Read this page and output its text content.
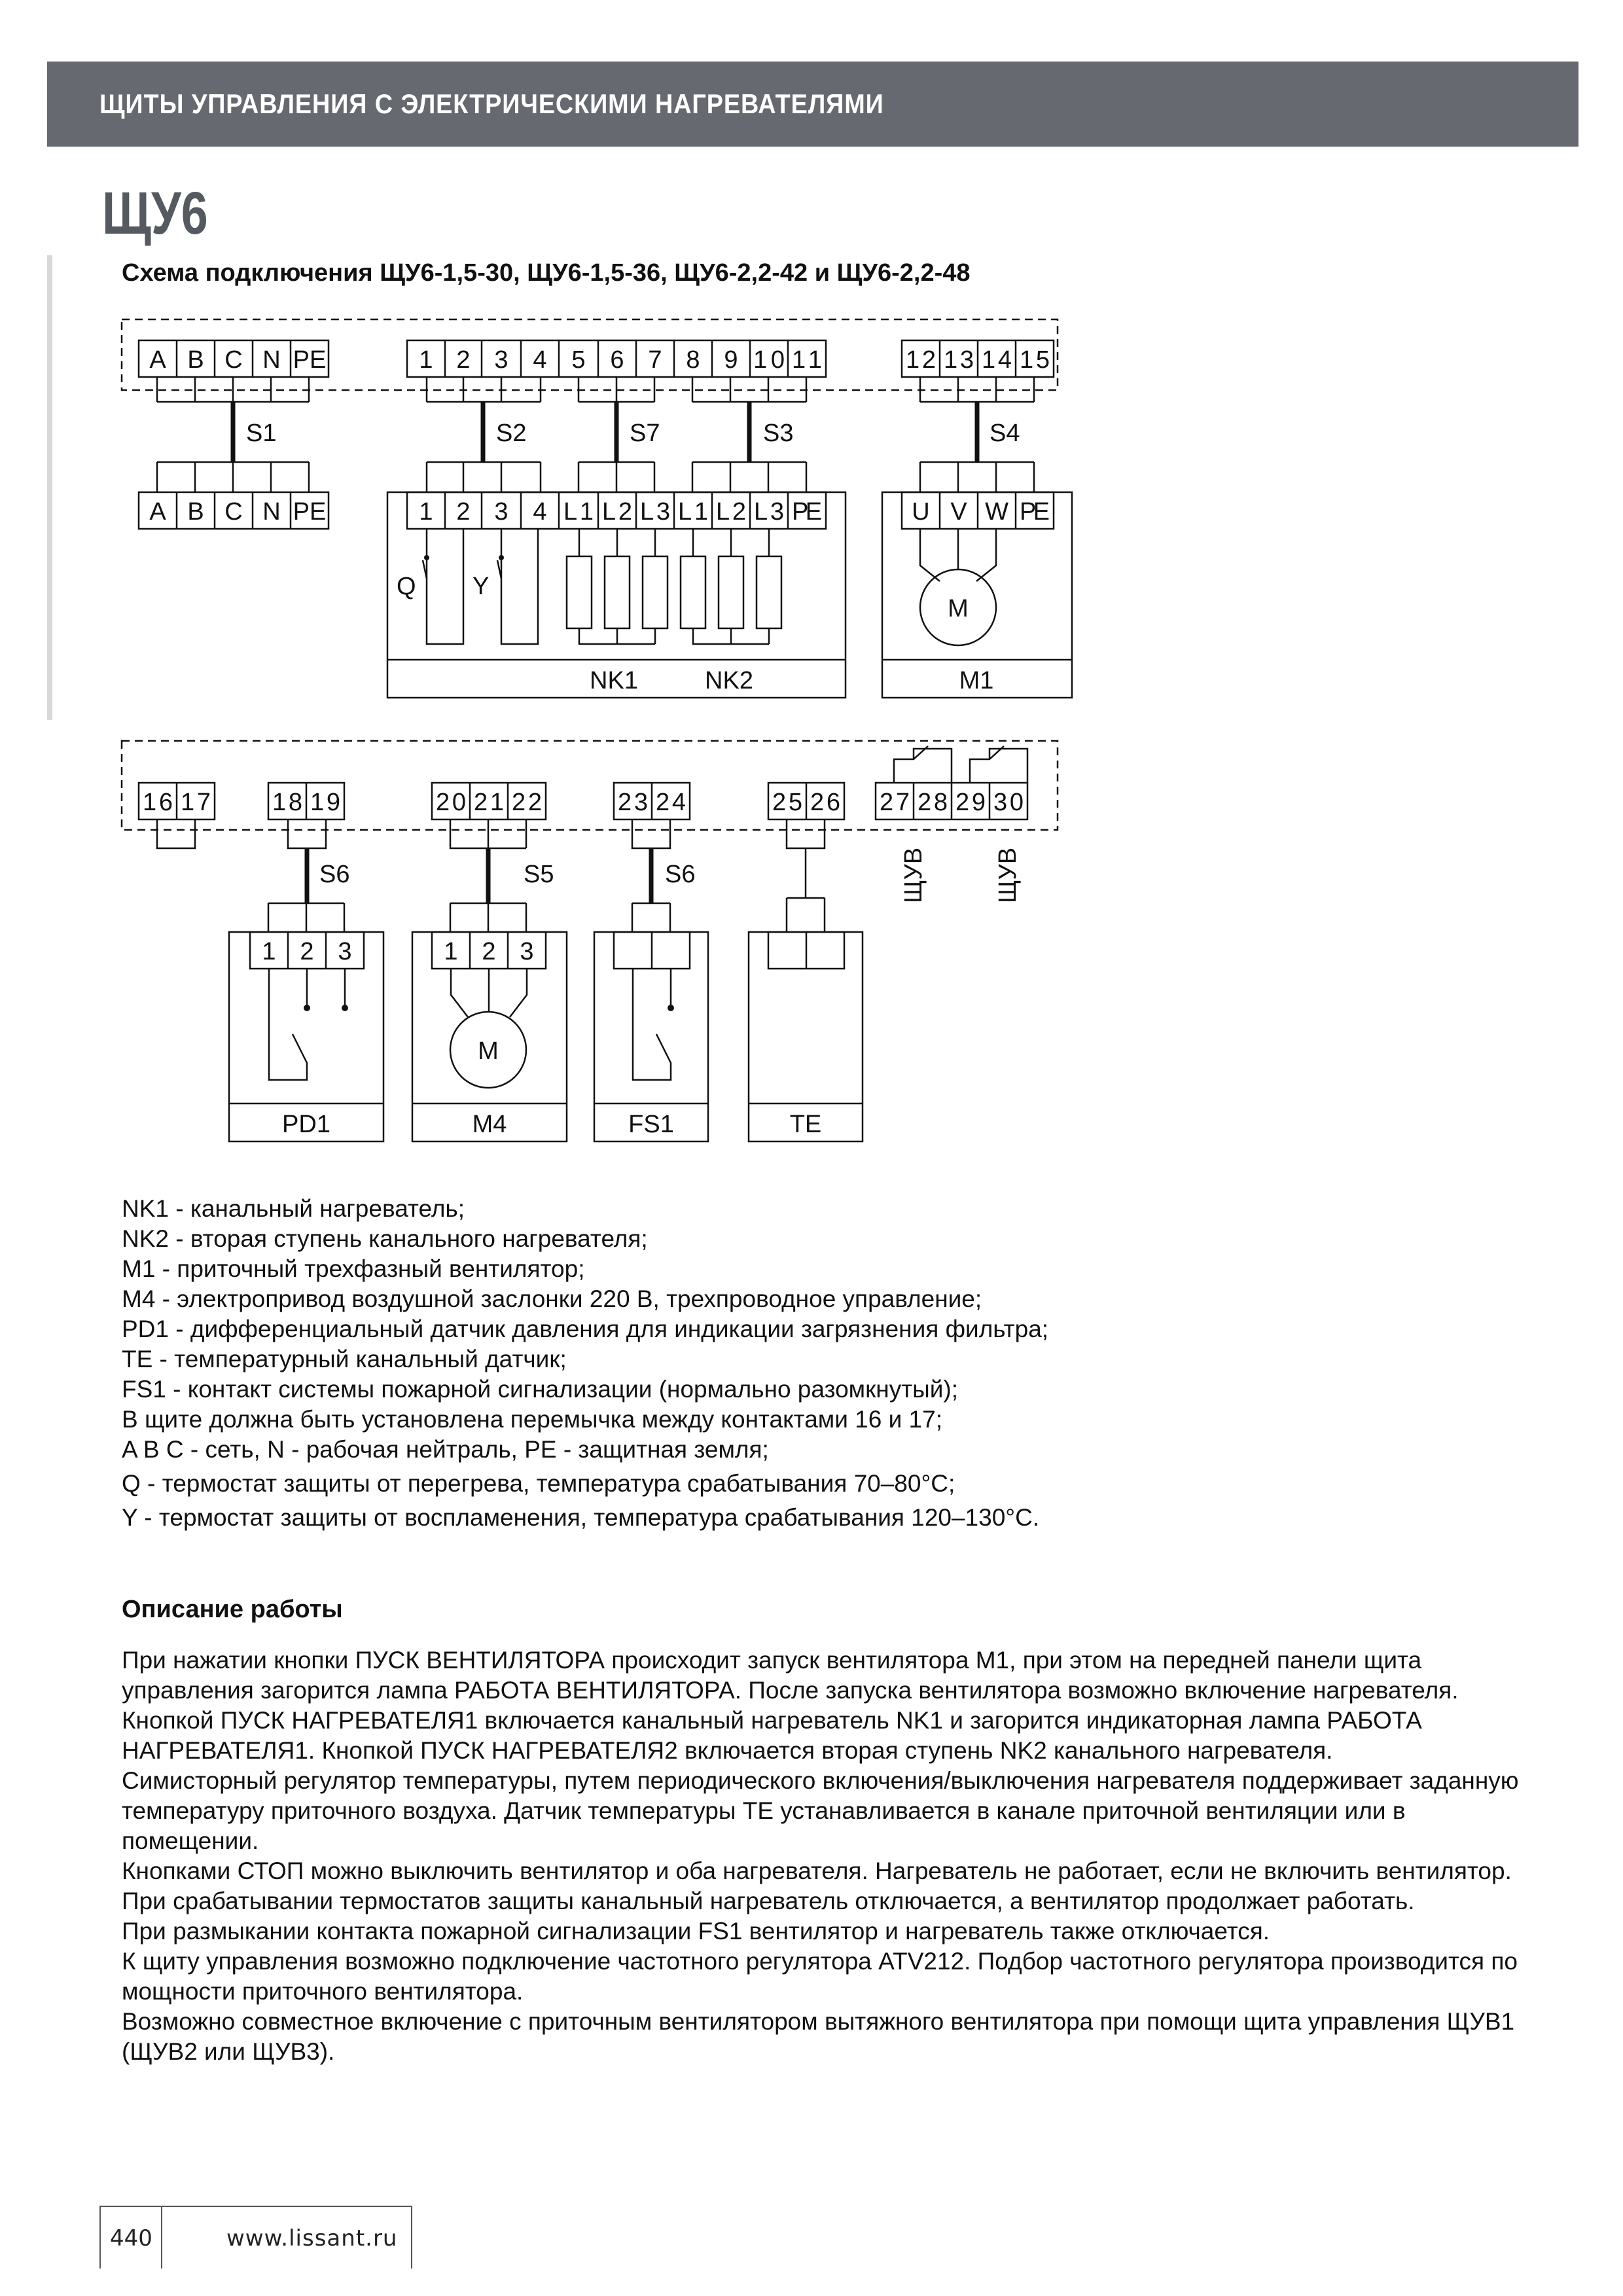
ЩИТЫ УПРАВЛЕНИЯ С ЭЛЕКТРИЧЕСКИМИ НАГРЕВАТЕЛЯМИ
ЩУ6
Схема подключения ЩУ6-1,5-30, ЩУ6-1,5-36, ЩУ6-2,2-42 и ЩУ6-2,2-48
A B C N PE	1 2 3 4 5 6 7 8 9 10 11	12 13 14 15
S1	S2	S7	S3	S4
A B C N PE	1 2 3 4 L1 L2 L3 L1 L2 L3 PE	U V W PE
Q Y
M
M
NK1	NK2	M1
16 17 18 19	20 21 22	23 24	25 26 27 28 29 30
S6	S5	S6	ЩУВ	ЩУВ
1 2 3	1 2 3
PD1	M4	FS1	TE

NK1 - канальный нагреватель;

NK2 - вторая ступень канального нагревателя;

M1 - приточный трехфазный вентилятор;

M4 - электропривод воздушной заслонки 220 В, трехпроводное управление;

PD1 - дифференциальный датчик давления для индикации загрязнения фильтра;

TE - температурный канальный датчик;

FS1 - контакт системы пожарной сигнализации (нормально разомкнутый);

В щите должна быть установлена перемычка между контактами 16 и 17;

A B C - сеть, N - рабочая нейтраль, PE - защитная земля;

Q - термостат защиты от перегрева, температура срабатывания 70–80°C;

Y - термостат защиты от воспламенения, температура срабатывания 120–130°C.

Описание работы

При нажатии кнопки ПУСК ВЕНТИЛЯТОРА происходит запуск вентилятора М1, при этом на передней панели щита управления загорится лампа РАБОТА ВЕНТИЛЯТОРА. После запуска вентилятора возможно включение нагревателя.

Кнопкой ПУСК НАГРЕВАТЕЛЯ1 включается канальный нагреватель NK1 и загорится индикаторная лампа РАБОТА НАГРЕВАТЕЛЯ1. Кнопкой ПУСК НАГРЕВАТЕЛЯ2 включается вторая ступень NK2 канального нагревателя.

Симисторный регулятор температуры, путем периодического включения/выключения нагревателя поддерживает заданную температуру приточного воздуха. Датчик температуры ТЕ устанавливается в канале приточной вентиляции или в помещении.

Кнопками СТОП можно выключить вентилятор и оба нагревателя. Нагреватель не работает, если не включить вентилятор. При срабатывании термостатов защиты канальный нагреватель отключается, а вентилятор продолжает работать.

При размыкании контакта пожарной сигнализации FS1 вентилятор и нагреватель также отключается.

К щиту управления возможно подключение частотного регулятора ATV212. Подбор частотного регулятора производится по мощности приточного вентилятора.

Возможно совместное включение с приточным вентилятором вытяжного вентилятора при помощи щита управления ЩУВ1 (ЩУВ2 или ЩУВ3).

440	www.lissant.ru
